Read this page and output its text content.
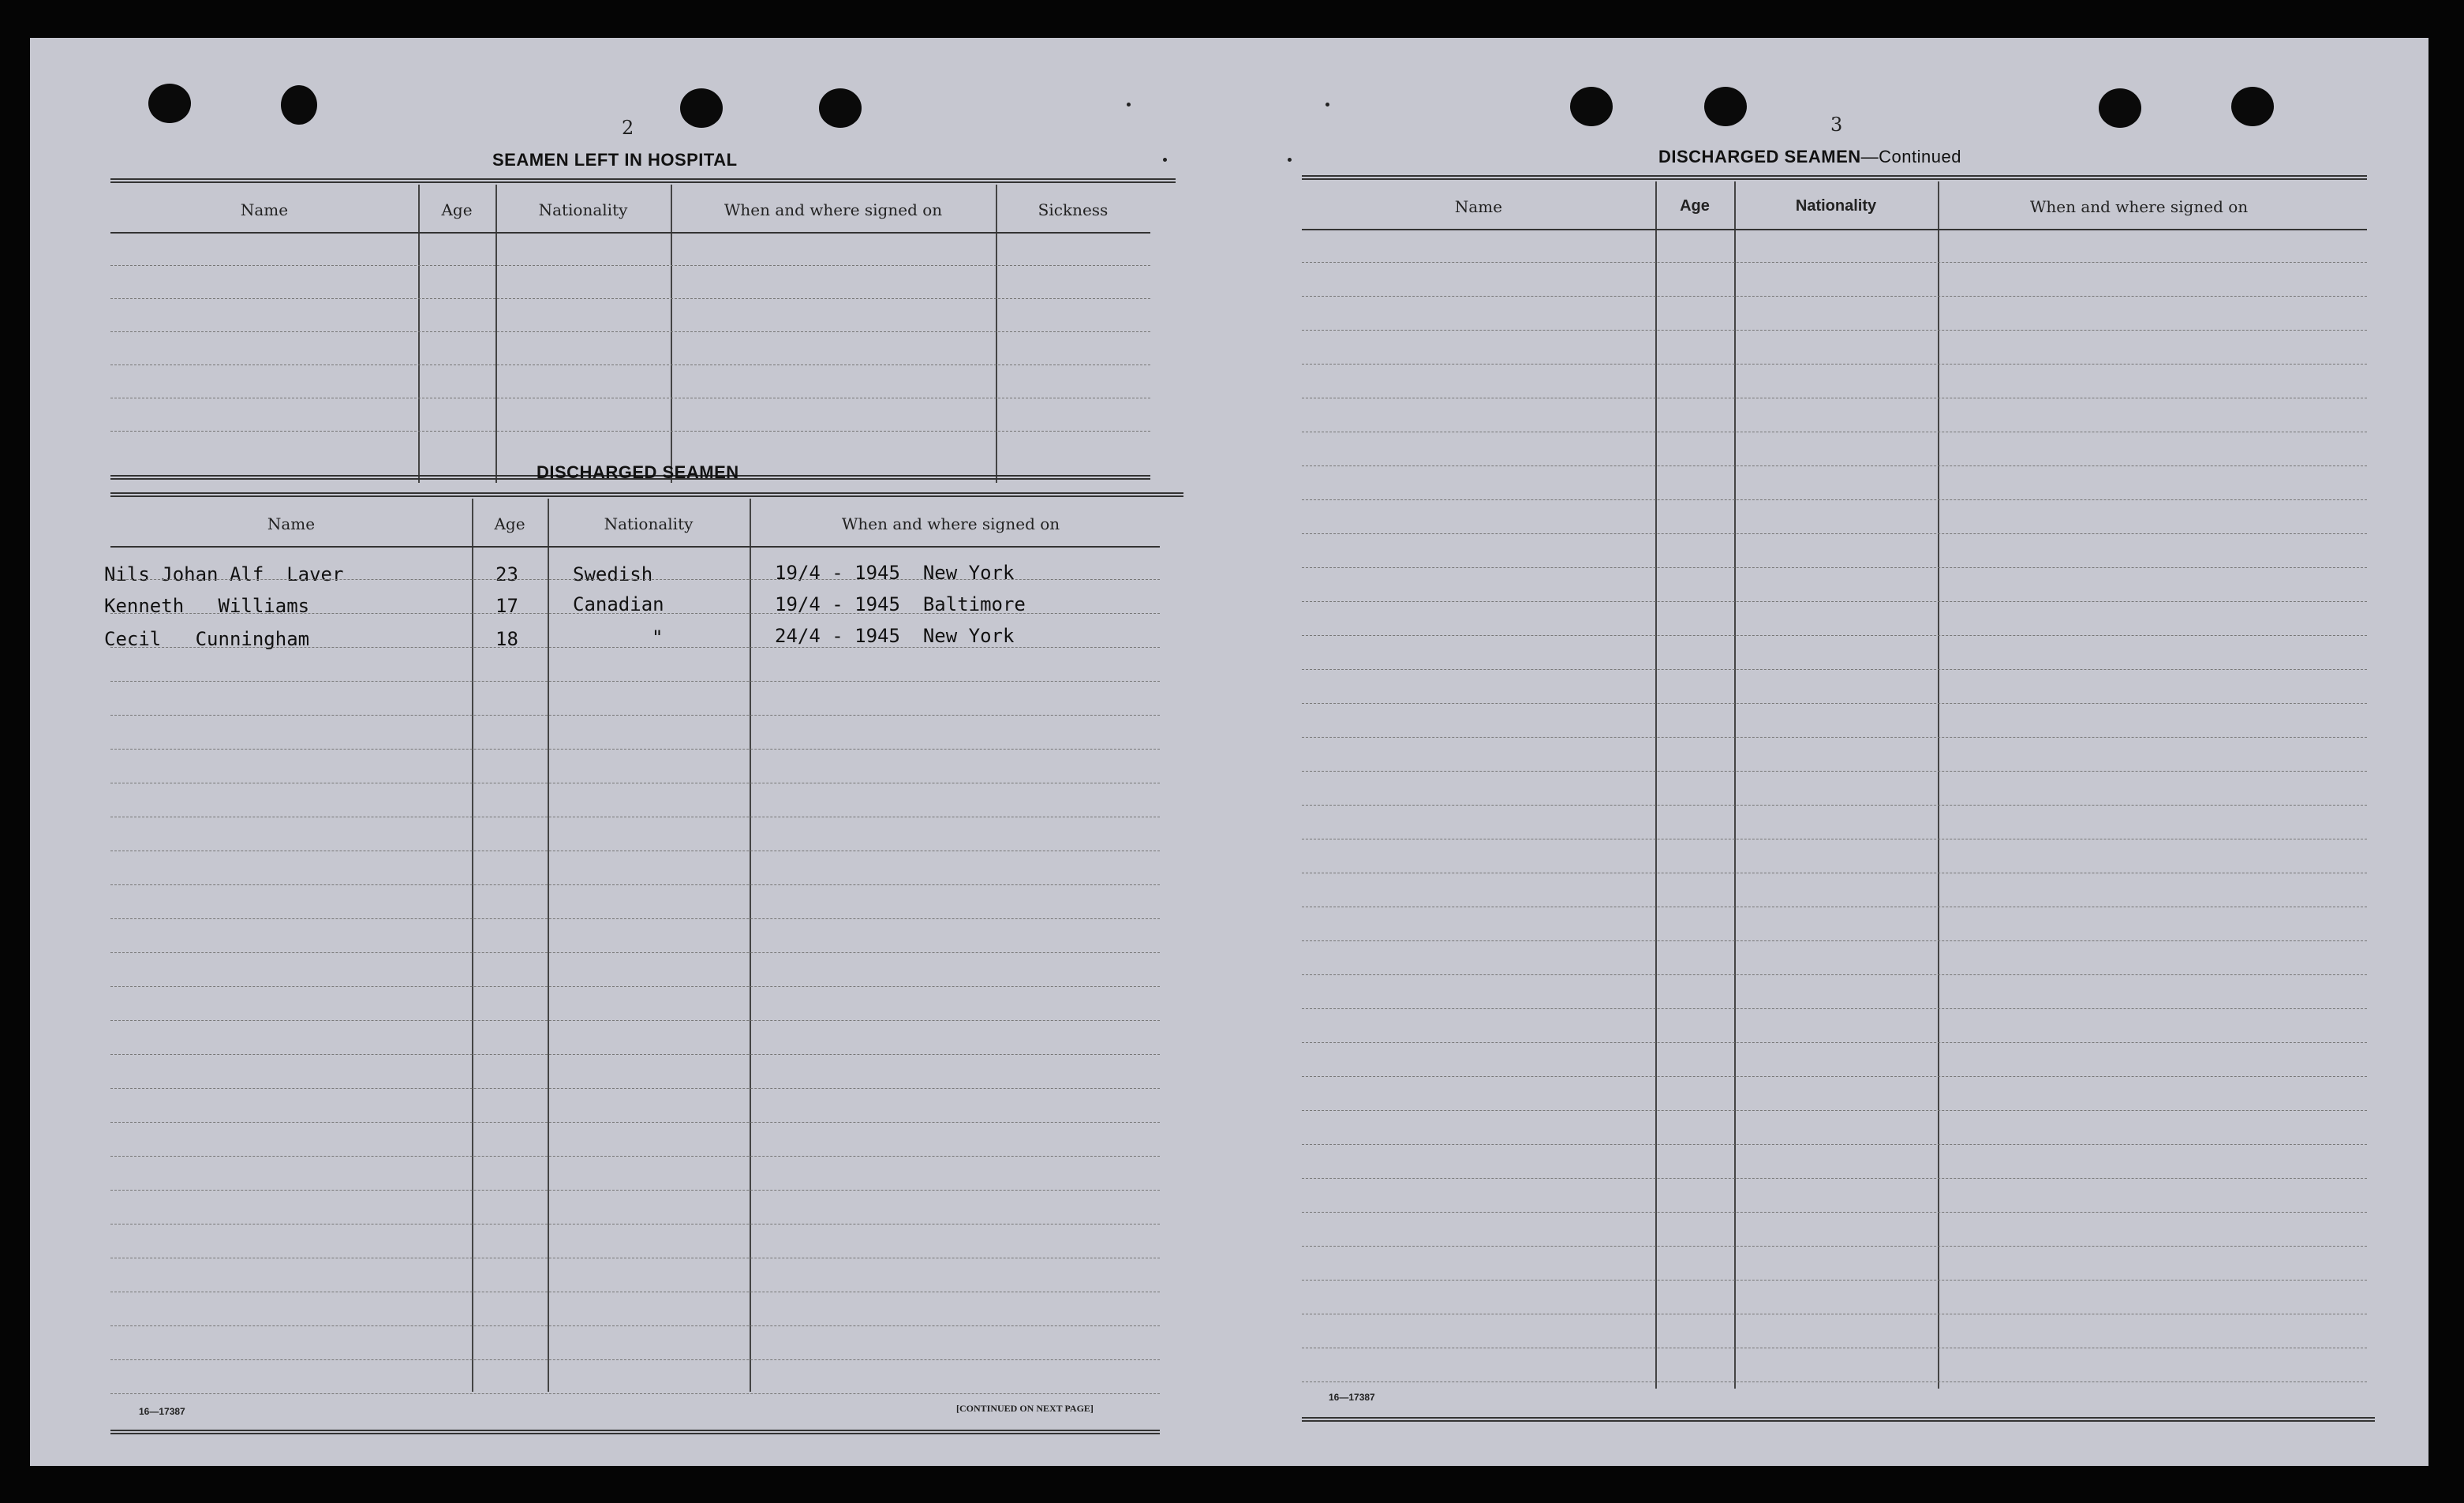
2
SEAMEN LEFT IN HOSPITAL
Name	Age	Nationality	When and where signed on	Sickness
DISCHARGED SEAMEN
Name	Age	Nationality	When and where signed on
Nils Johan Alf  Laver	23	Swedish	19/4 - 1945  New York
Kenneth   Williams	17	Canadian	19/4 - 1945  Baltimore
Cecil   Cunningham	18	"	24/4 - 1945  New York
16—17387	[CONTINUED ON NEXT PAGE]
3
DISCHARGED SEAMEN—Continued
Name	Age	Nationality	When and where signed on
16—17387
